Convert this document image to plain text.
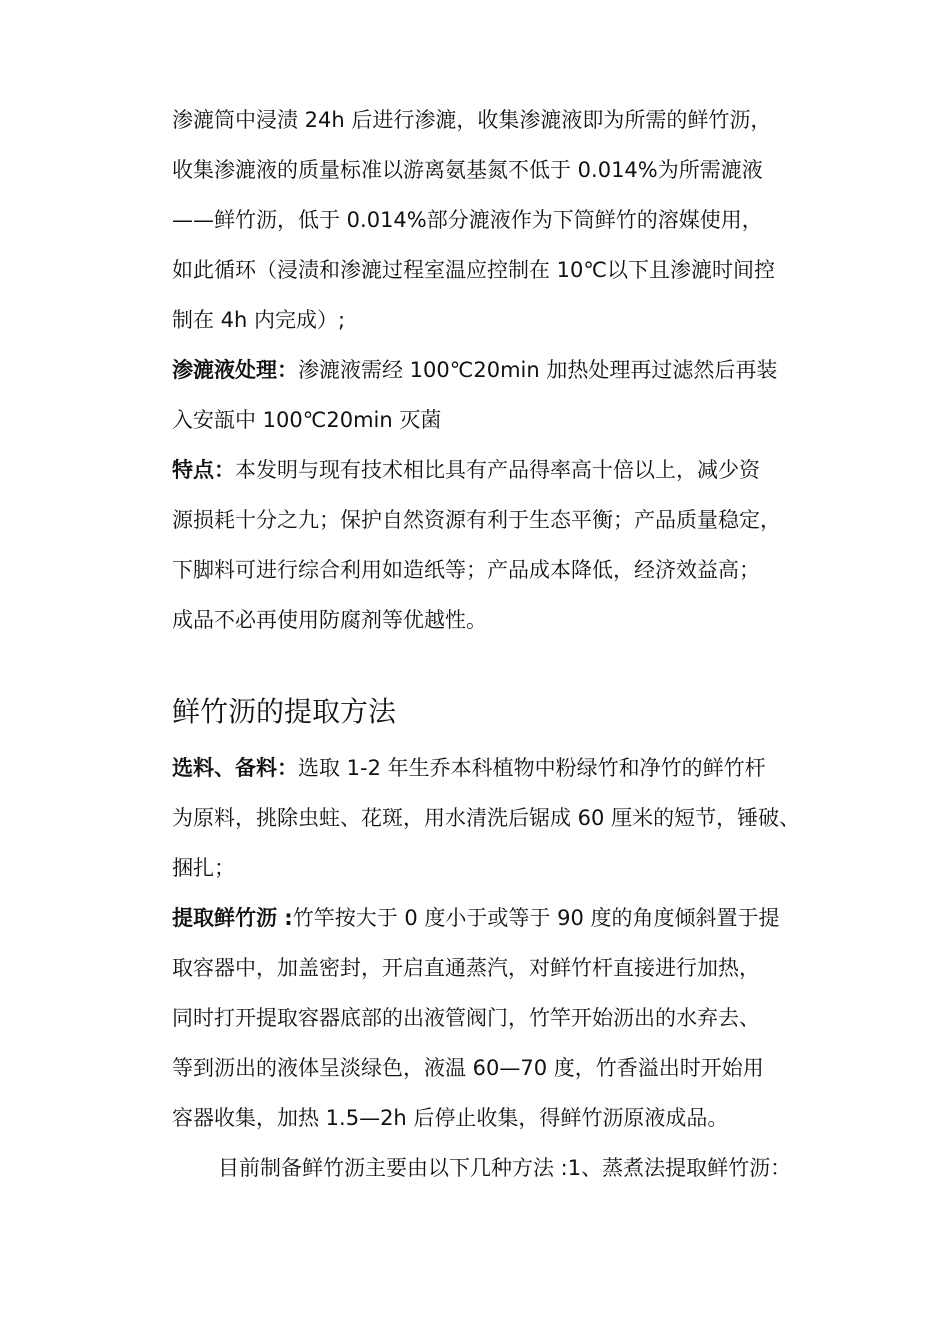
渗漉筒中浸渍 24h 后进行渗漉，收集渗漉液即为所需的鲜竹沥，
收集渗漉液的质量标准以游离氨基氮不低于 0.014%为所需漉液
——鲜竹沥，低于 0.014%部分漉液作为下筒鲜竹的溶媒使用，
如此循环（浸渍和渗漉过程室温应控制在 10℃以下且渗漉时间控
制在 4h 内完成）;
渗漉液处理：渗漉液需经 100℃20min 加热处理再过滤然后再装
入安瓿中 100℃20min 灭菌
特点：本发明与现有技术相比具有产品得率高十倍以上，减少资
源损耗十分之九；保护自然资源有利于生态平衡；产品质量稳定，
下脚料可进行综合利用如造纸等；产品成本降低，经济效益高；
成品不必再使用防腐剂等优越性。
鲜竹沥的提取方法
选料、备料：选取 1-2 年生乔本科植物中粉绿竹和净竹的鲜竹杆
为原料，挑除虫蛀、花斑，用水清洗后锯成 60 厘米的短节，锤破、
捆扎；
提取鲜竹沥 :竹竿按大于 0 度小于或等于 90 度的角度倾斜置于提
取容器中，加盖密封，开启直通蒸汽，对鲜竹杆直接进行加热，
同时打开提取容器底部的出液管阀门，竹竿开始沥出的水弃去、
等到沥出的液体呈淡绿色，液温 60—70 度，竹香溢出时开始用
容器收集，加热 1.5—2h 后停止收集，得鲜竹沥原液成品。
目前制备鲜竹沥主要由以下几种方法 :1、蒸煮法提取鲜竹沥：
